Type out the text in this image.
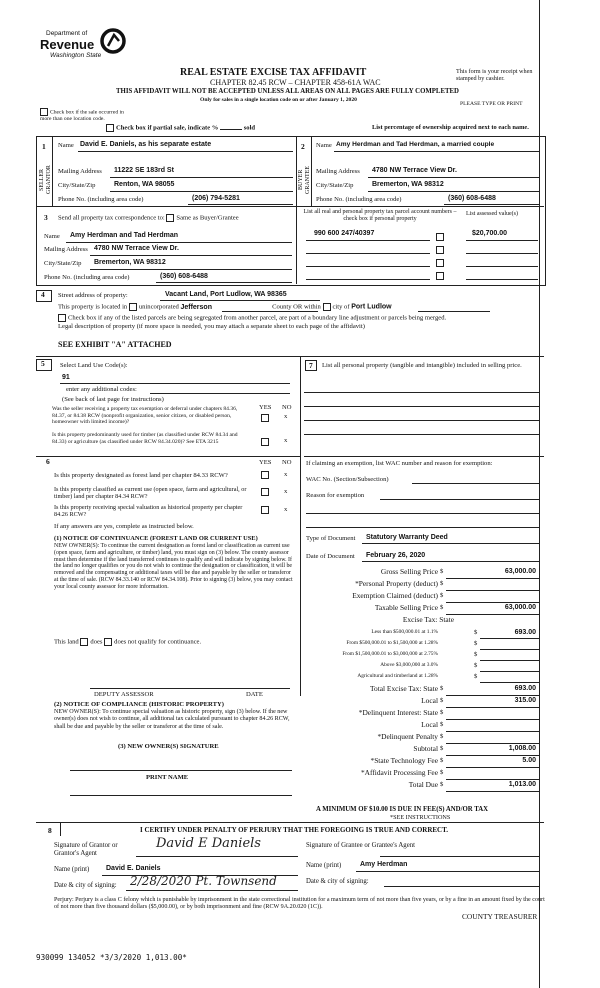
Department of
Revenue
Washington State
REAL ESTATE EXCISE TAX AFFIDAVIT
CHAPTER 82.45 RCW – CHAPTER 458-61A WAC
THIS AFFIDAVIT WILL NOT BE ACCEPTED UNLESS ALL AREAS ON ALL PAGES ARE FULLY COMPLETED
Only for sales in a single location code on or after January 1, 2020
This form is your receipt when stamped by cashier.
PLEASE TYPE OR PRINT
Check box if the sale occurred in more than one location code.
Check box if partial sale, indicate %	sold	List percentage of ownership acquired next to each name.
1 Name David E. Daniels, as his separate estate
SELLER GRANTOR Mailing Address 11222 SE 183rd St
City/State/Zip	Renton, WA 98055
Phone No. (including area code)	(206) 794-5281
2 Name Amy Herdman and Tad Herdman, a married couple
BUYER GRANTEE Mailing Address 4780 NW Terrace View Dr.
City/State/Zip	Bremerton, WA 98312
Phone No. (including area code)	(360) 608-6488
3 Send all property tax correspondence to: Same as Buyer/Grantee
Name Amy Herdman and Tad Herdman
Mailing Address 4780 NW Terrace View Dr.
City/State/Zip Bremerton, WA 98312
Phone No. (including area code)	(360) 608-6488
List all real and personal property tax parcel account numbers – check box if personal property
List assessed value(s)
990 600 247/40397	$20,700.00
4 Street address of property:	Vacant Land, Port Ludlow, WA 98365
This property is located in unincorporated Jefferson	County OR within city of Port Ludlow
Check box if any of the listed parcels are being segregated from another parcel, are part of a boundary line adjustment or parcels being merged.
Legal description of property (if more space is needed, you may attach a separate sheet to each page of the affidavit)
SEE EXHIBIT "A" ATTACHED
5 Select Land Use Code(s):
91
enter any additional codes:
(See back of last page for instructions)
YES NO
Was the seller receiving a property tax exemption or deferral under chapters 84.36, 84.37, or 84.38 RCW (nonprofit organization, senior citizen, or disabled person, homeowner with limited income)?
x
Is this property predominantly used for timber (as classified under RCW 84.34 and 84.33) or agriculture (as classified under RCW 84.34.020)? See ETA 3215	x
6	YES NO
Is this property designated as forest land per chapter 84.33 RCW?	x
Is this property classified as current use (open space, farm and agricultural, or timber) land per chapter 84.34 RCW?
x
Is this property receiving special valuation as historical property per chapter 84.26 RCW?
x
If any answers are yes, complete as instructed below.
(1) NOTICE OF CONTINUANCE (FOREST LAND OR CURRENT USE)
NEW OWNER(S): To continue the current designation as forest land or classification as current use (open space, farm and agriculture, or timber) land, you must sign on (3) below. The county assessor must then determine if the land transferred continues to qualify and will indicate by signing below. If the land no longer qualifies or you do not wish to continue the designation or classification, it will be removed and the compensating or additional taxes will be due and payable by the seller or transferor at the time of sale. (RCW 84.33.140 or RCW 84.34.108). Prior to signing (3) below, you may contact your local county assessor for more information.
This land does does not qualify for continuance.
DEPUTY ASSESSOR	DATE
(2) NOTICE OF COMPLIANCE (HISTORIC PROPERTY)
NEW OWNER(S): To continue special valuation as historic property, sign (3) below. If the new owner(s) does not wish to continue, all additional tax calculated pursuant to chapter 84.26 RCW, shall be due and payable by the seller or transferor at the time of sale.
(3) NEW OWNER(S) SIGNATURE
PRINT NAME
7	List all personal property (tangible and intangible) included in selling price.
If claiming an exemption, list WAC number and reason for exemption:
WAC No. (Section/Subsection)
Reason for exemption
Type of Document Statutory Warranty Deed
Date of Document February 26, 2020
Gross Selling Price $	63,000.00
*Personal Property (deduct) $
Exemption Claimed (deduct) $
Taxable Selling Price $	63,000.00
Excise Tax: State
Less than $500,000.01 at 1.1%	$	693.00
From $500,000.01 to $1,500,000 at 1.28%	$
From $1,500,000.01 to $3,000,000 at 2.75%	$
Above $3,000,000 at 3.0%	$
Agricultural and timberland at 1.28%	$
Total Excise Tax: State $	693.00
Local $	315.00
*Delinquent Interest: State $
Local $
*Delinquent Penalty $
Subtotal $	1,008.00
*State Technology Fee $	5.00
*Affidavit Processing Fee $
Total Due $	1,013.00
A MINIMUM OF $10.00 IS DUE IN FEE(S) AND/OR TAX
*SEE INSTRUCTIONS
8	I CERTIFY UNDER PENALTY OF PERJURY THAT THE FOREGOING IS TRUE AND CORRECT.
Signature of Grantor or Grantor's Agent
David E Daniels	Signature of Grantee or Grantee's Agent
Name (print) David E. Daniels	Name (print)	Amy Herdman
Date & city of signing: 2/28/2020 Pt. Townsend	Date & city of signing:
Perjury: Perjury is a class C felony which is punishable by imprisonment in the state correctional institution for a maximum term of not more than five years, or by a fine in an amount fixed by the court of not more than five thousand dollars ($5,000.00), or by both imprisonment and fine (RCW 9A.20.020 (1C)).
COUNTY TREASURER
930099 134052 *3/3/2020 1,013.00*
